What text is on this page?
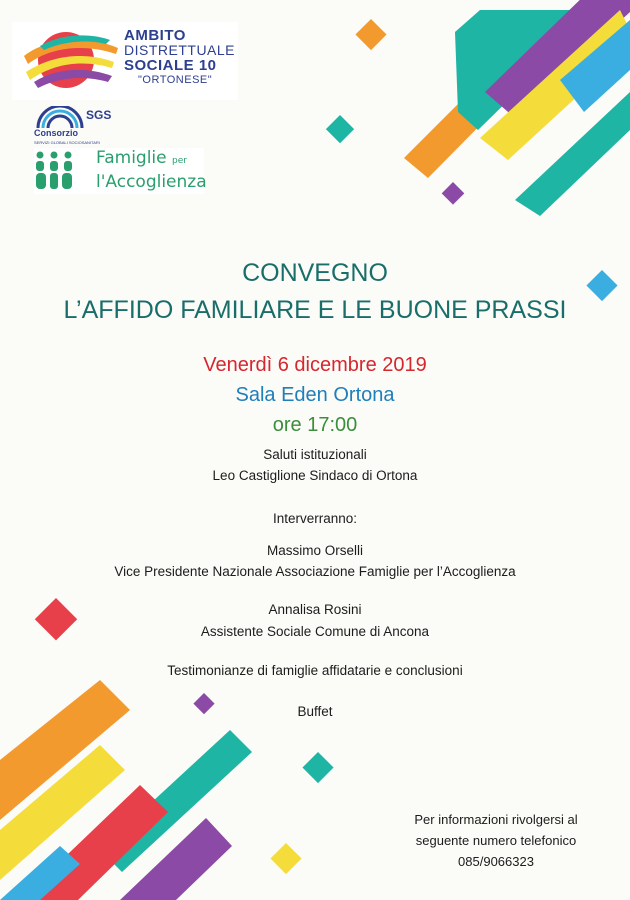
AMBITO
DISTRETTUALE
SOCIALE 10
"ORTONESE"
SGS
Consorzio
SERVIZI GLOBALI SOCIOSANITARI
Famiglie per
l'Accoglienza
CONVEGNO
L’AFFIDO FAMILIARE E LE BUONE PRASSI
Venerdì 6 dicembre 2019
Sala Eden Ortona
ore 17:00
Saluti istituzionali
Leo Castiglione Sindaco di Ortona
Interverranno:
Massimo Orselli
Vice Presidente Nazionale Associazione Famiglie per l’Accoglienza
Annalisa Rosini
Assistente Sociale Comune di Ancona
Testimonianze di famiglie affidatarie e conclusioni
Buffet
Per informazioni rivolgersi al
seguente numero telefonico
085/9066323
